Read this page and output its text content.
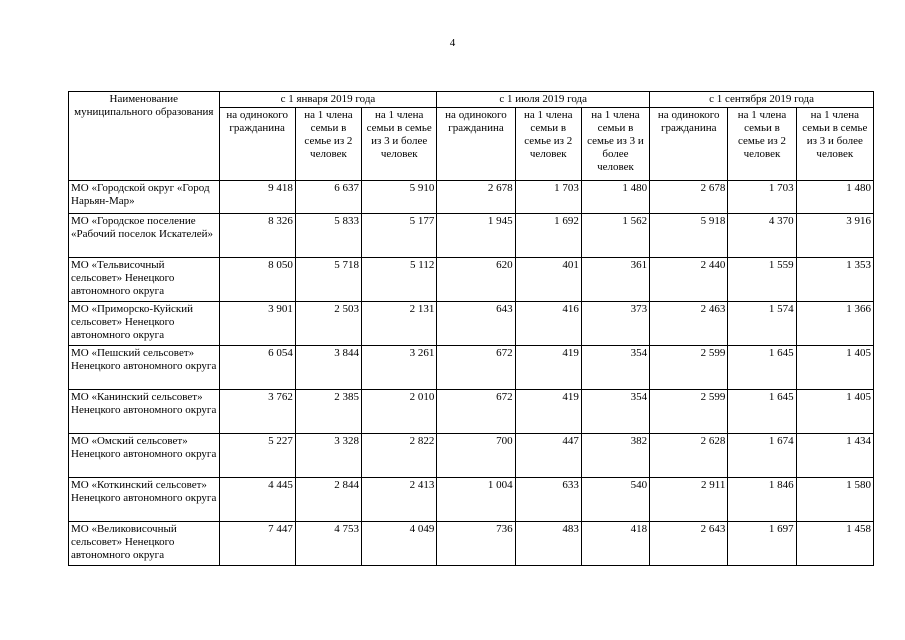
4
Наименование муниципального образования	с 1 января 2019 года			с 1 июля 2019 года			с 1 сентября 2019 года		
	на одинокого гражданина	на 1 члена семьи в семье из 2 человек	на 1 члена семьи в семье из 3 и более человек	на одинокого гражданина	на 1 члена семьи в семье из 2 человек	на 1 члена семьи в семье из 3 и более человек	на одинокого гражданина	на 1 члена семьи в семье из 2 человек	на 1 члена семьи в семье из 3 и более человек
МО «Городской округ «Город Нарьян-Мар»	9 418	6 637	5 910	2 678	1 703	1 480	2 678	1 703	1 480
МО «Городское поселение «Рабочий поселок Искателей»	8 326	5 833	5 177	1 945	1 692	1 562	5 918	4 370	3 916
МО «Тельвисочный сельсовет» Ненецкого автономного округа	8 050	5 718	5 112	620	401	361	2 440	1 559	1 353
МО «Приморско-Куйский сельсовет» Ненецкого автономного округа	3 901	2 503	2 131	643	416	373	2 463	1 574	1 366
МО «Пешский сельсовет» Ненецкого автономного округа	6 054	3 844	3 261	672	419	354	2 599	1 645	1 405
МО «Канинский сельсовет» Ненецкого автономного округа	3 762	2 385	2 010	672	419	354	2 599	1 645	1 405
МО «Омский сельсовет» Ненецкого автономного округа	5 227	3 328	2 822	700	447	382	2 628	1 674	1 434
МО «Коткинский сельсовет» Ненецкого автономного округа	4 445	2 844	2 413	1 004	633	540	2 911	1 846	1 580
МО «Великовисочный сельсовет» Ненецкого автономного округа	7 447	4 753	4 049	736	483	418	2 643	1 697	1 458
